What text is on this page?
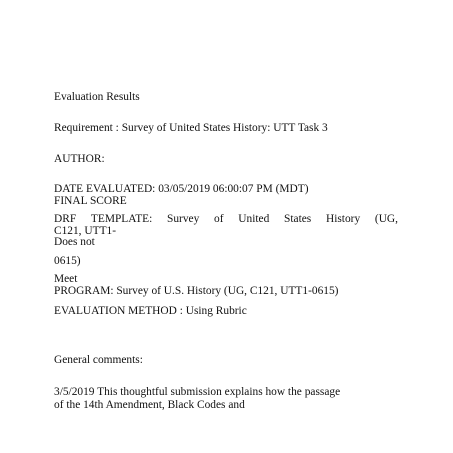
Evaluation Results
Requirement : Survey of United States History: UTT Task 3
AUTHOR:
DATE EVALUATED: 03/05/2019 06:00:07 PM (MDT)
FINAL SCORE
DRF TEMPLATE: Survey of United States History (UG,
C121, UTT1-
Does not
0615)
Meet
PROGRAM: Survey of U.S. History (UG, C121, UTT1-0615)
EVALUATION METHOD : Using Rubric
General comments:
3/5/2019 This thoughtful submission explains how the passage
of the 14th Amendment, Black Codes and
